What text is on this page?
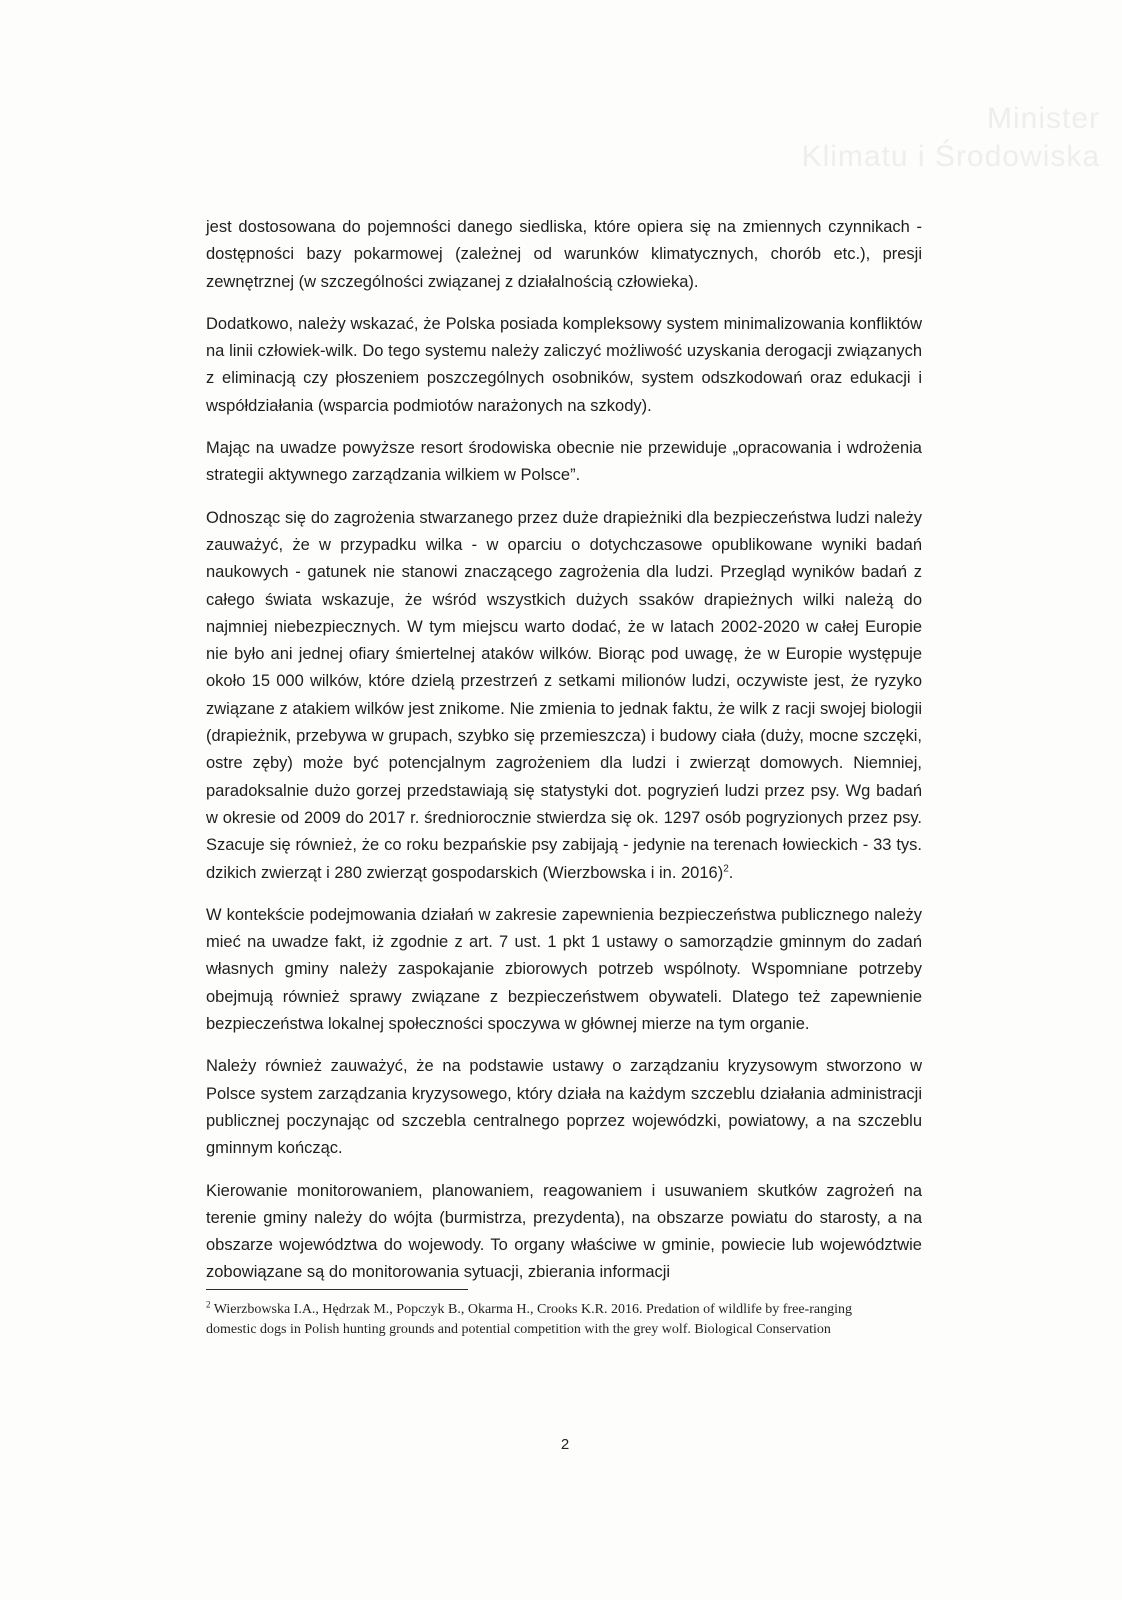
Minister
Klimatu i Środowiska

jest dostosowana do pojemności danego siedliska, które opiera się na zmiennych czynnikach - dostępności bazy pokarmowej (zależnej od warunków klimatycznych, chorób etc.), presji zewnętrznej (w szczególności związanej z działalnością człowieka).

Dodatkowo, należy wskazać, że Polska posiada kompleksowy system minimalizowania konfliktów na linii człowiek-wilk. Do tego systemu należy zaliczyć możliwość uzyskania derogacji związanych z eliminacją czy płoszeniem poszczególnych osobników, system odszkodowań oraz edukacji i współdziałania (wsparcia podmiotów narażonych na szkody).

Mając na uwadze powyższe resort środowiska obecnie nie przewiduje „opracowania i wdrożenia strategii aktywnego zarządzania wilkiem w Polsce”.

Odnosząc się do zagrożenia stwarzanego przez duże drapieżniki dla bezpieczeństwa ludzi należy zauważyć, że w przypadku wilka - w oparciu o dotychczasowe opublikowane wyniki badań naukowych - gatunek nie stanowi znaczącego zagrożenia dla ludzi. Przegląd wyników badań z całego świata wskazuje, że wśród wszystkich dużych ssaków drapieżnych wilki należą do najmniej niebezpiecznych. W tym miejscu warto dodać, że w latach 2002-2020 w całej Europie nie było ani jednej ofiary śmiertelnej ataków wilków. Biorąc pod uwagę, że w Europie występuje około 15 000 wilków, które dzielą przestrzeń z setkami milionów ludzi, oczywiste jest, że ryzyko związane z atakiem wilków jest znikome. Nie zmienia to jednak faktu, że wilk z racji swojej biologii (drapieżnik, przebywa w grupach, szybko się przemieszcza) i budowy ciała (duży, mocne szczęki, ostre zęby) może być potencjalnym zagrożeniem dla ludzi i zwierząt domowych. Niemniej, paradoksalnie dużo gorzej przedstawiają się statystyki dot. pogryzień ludzi przez psy. Wg badań w okresie od 2009 do 2017 r. średniorocznie stwierdza się ok. 1297 osób pogryzionych przez psy. Szacuje się również, że co roku bezpańskie psy zabijają - jedynie na terenach łowieckich - 33 tys. dzikich zwierząt i 280 zwierząt gospodarskich (Wierzbowska i in. 2016)$^2$.

W kontekście podejmowania działań w zakresie zapewnienia bezpieczeństwa publicznego należy mieć na uwadze fakt, iż zgodnie z art. 7 ust. 1 pkt 1 ustawy o samorządzie gminnym do zadań własnych gminy należy zaspokajanie zbiorowych potrzeb wspólnoty. Wspomniane potrzeby obejmują również sprawy związane z bezpieczeństwem obywateli. Dlatego też zapewnienie bezpieczeństwa lokalnej społeczności spoczywa w głównej mierze na tym organie.

Należy również zauważyć, że na podstawie ustawy o zarządzaniu kryzysowym stworzono w Polsce system zarządzania kryzysowego, który działa na każdym szczeblu działania administracji publicznej poczynając od szczebla centralnego poprzez wojewódzki, powiatowy, a na szczeblu gminnym kończąc.

Kierowanie monitorowaniem, planowaniem, reagowaniem i usuwaniem skutków zagrożeń na terenie gminy należy do wójta (burmistrza, prezydenta), na obszarze powiatu do starosty, a na obszarze województwa do wojewody. To organy właściwe w gminie, powiecie lub województwie zobowiązane są do monitorowania sytuacji, zbierania informacji

$^2$ Wierzbowska I.A., Hędrzak M., Popczyk B., Okarma H., Crooks K.R. 2016. Predation of wildlife by free-ranging domestic dogs in Polish hunting grounds and potential competition with the grey wolf. Biological Conservation

2
